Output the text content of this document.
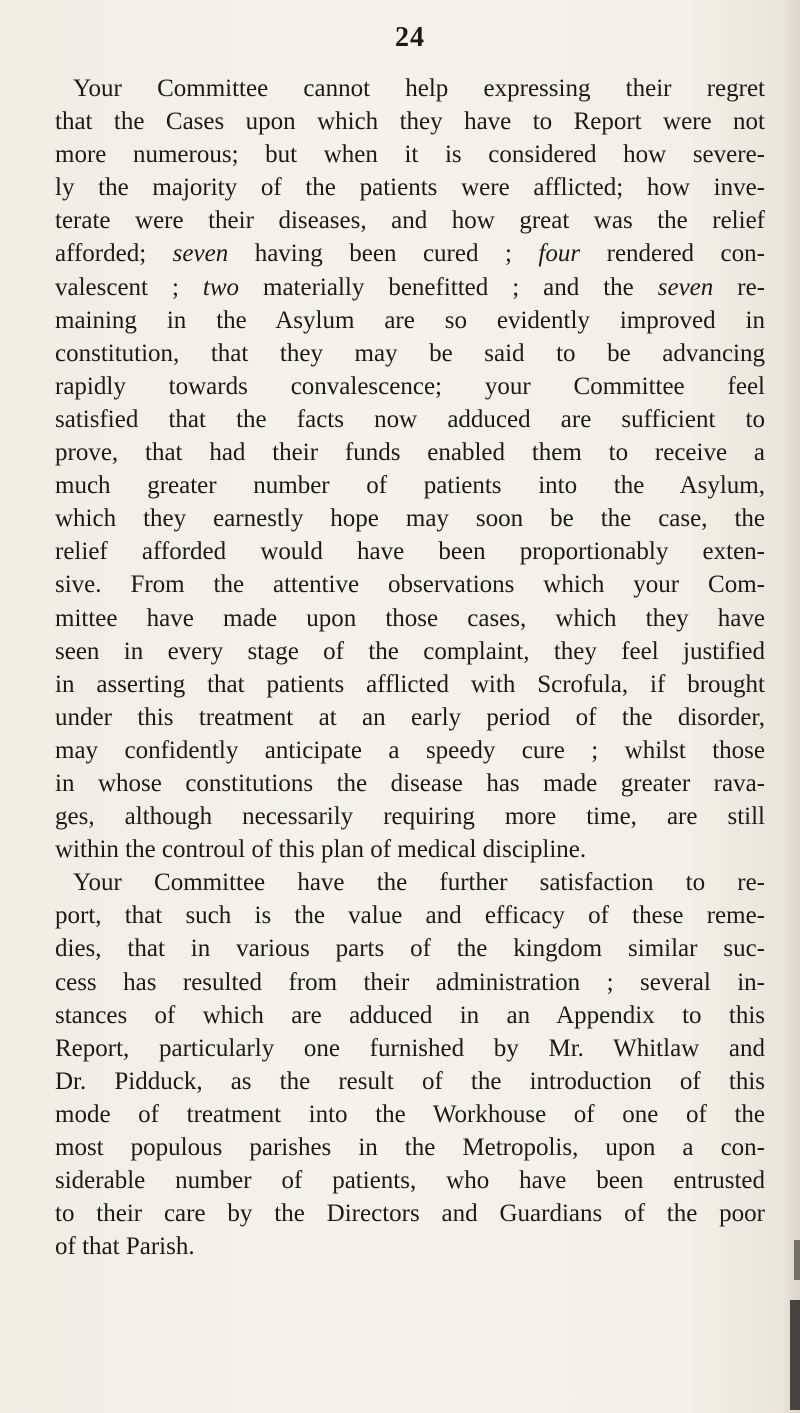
24
Your Committee cannot help expressing their regret
that the Cases upon which they have to Report were not
more numerous; but when it is considered how severe-
ly the majority of the patients were afflicted; how inve-
terate were their diseases, and how great was the relief
afforded; seven having been cured ; four rendered con-
valescent ; two materially benefitted ; and the seven re-
maining in the Asylum are so evidently improved in
constitution, that they may be said to be advancing
rapidly towards convalescence; your Committee feel
satisfied that the facts now adduced are sufficient to
prove, that had their funds enabled them to receive a
much greater number of patients into the Asylum,
which they earnestly hope may soon be the case, the
relief afforded would have been proportionably exten-
sive. From the attentive observations which your Com-
mittee have made upon those cases, which they have
seen in every stage of the complaint, they feel justified
in asserting that patients afflicted with Scrofula, if brought
under this treatment at an early period of the disorder,
may confidently anticipate a speedy cure ; whilst those
in whose constitutions the disease has made greater rava-
ges, although necessarily requiring more time, are still
within the controul of this plan of medical discipline.
Your Committee have the further satisfaction to re-
port, that such is the value and efficacy of these reme-
dies, that in various parts of the kingdom similar suc-
cess has resulted from their administration ; several in-
stances of which are adduced in an Appendix to this
Report, particularly one furnished by Mr. Whitlaw and
Dr. Pidduck, as the result of the introduction of this
mode of treatment into the Workhouse of one of the
most populous parishes in the Metropolis, upon a con-
siderable number of patients, who have been entrusted
to their care by the Directors and Guardians of the poor
of that Parish.
